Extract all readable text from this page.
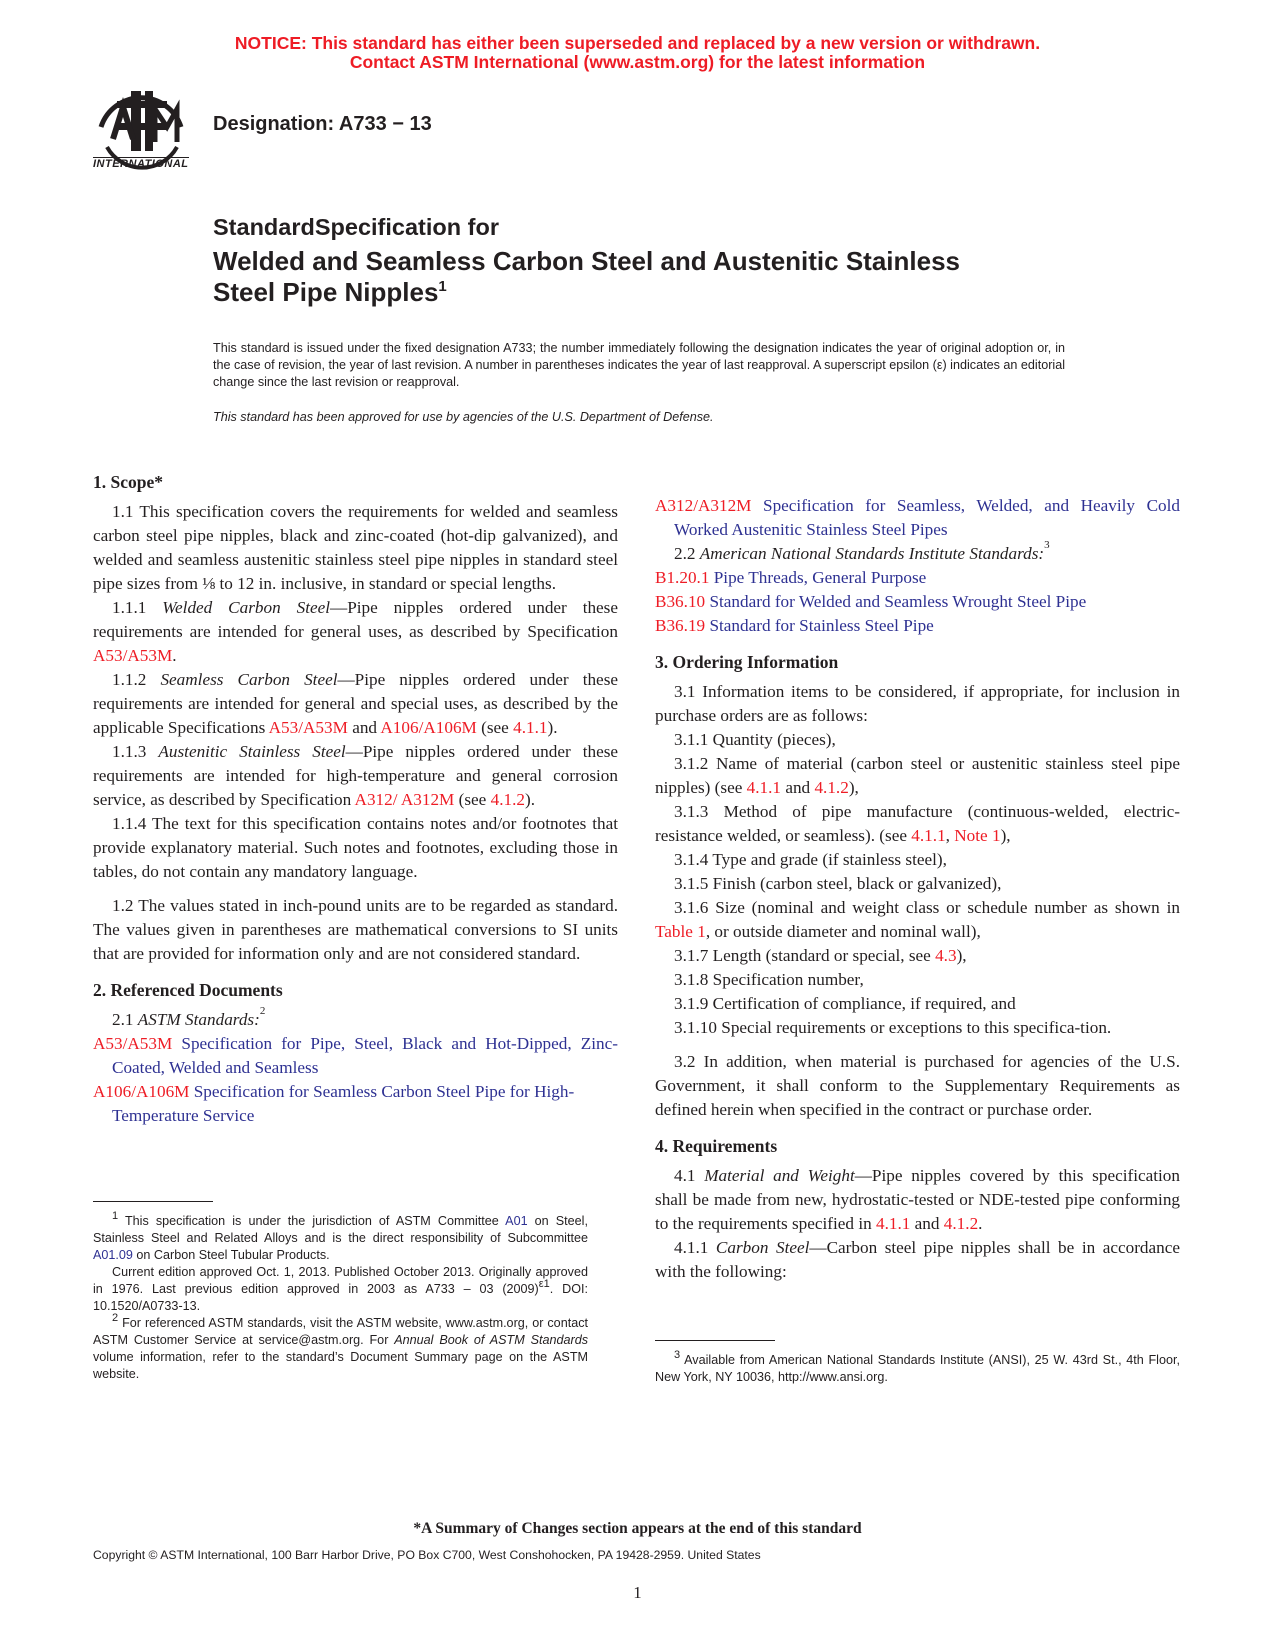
NOTICE: This standard has either been superseded and replaced by a new version or withdrawn.
Contact ASTM International (www.astm.org) for the latest information
INTERNATIONAL
Designation: A733 − 13
StandardSpecification for
Welded and Seamless Carbon Steel and Austenitic Stainless
Steel Pipe Nipples$^1$
This standard is issued under the fixed designation A733; the number immediately following the designation indicates the year of original adoption or, in the case of revision, the year of last revision. A number in parentheses indicates the year of last reapproval. A superscript epsilon (ε) indicates an editorial change since the last revision or reapproval.
This standard has been approved for use by agencies of the U.S. Department of Defense.
1. Scope*

1.1 This specification covers the requirements for welded and seamless carbon steel pipe nipples, black and zinc-coated (hot-dip galvanized), and welded and seamless austenitic stainless steel pipe nipples in standard steel pipe sizes from ⅛ to 12 in. inclusive, in standard or special lengths.

1.1.1 Welded Carbon Steel—Pipe nipples ordered under these requirements are intended for general uses, as described by Specification A53/A53M.

1.1.2 Seamless Carbon Steel—Pipe nipples ordered under these requirements are intended for general and special uses, as described by the applicable Specifications A53/A53M and A106/A106M (see 4.1.1).

1.1.3 Austenitic Stainless Steel—Pipe nipples ordered under these requirements are intended for high-temperature and general corrosion service, as described by Specification A312/ A312M (see 4.1.2).

1.1.4 The text for this specification contains notes and/or footnotes that provide explanatory material. Such notes and footnotes, excluding those in tables, do not contain any mandatory language.

1.2 The values stated in inch-pound units are to be regarded as standard. The values given in parentheses are mathematical conversions to SI units that are provided for information only and are not considered standard.

2. Referenced Documents

2.1 ASTM Standards:$^2$

A53/A53M Specification for Pipe, Steel, Black and Hot-Dipped, Zinc-Coated, Welded and Seamless

A106/A106M Specification for Seamless Carbon Steel Pipe for High-Temperature Service

$^1$ This specification is under the jurisdiction of ASTM Committee A01 on Steel, Stainless Steel and Related Alloys and is the direct responsibility of Subcommittee A01.09 on Carbon Steel Tubular Products.

Current edition approved Oct. 1, 2013. Published October 2013. Originally approved in 1976. Last previous edition approved in 2003 as A733 – 03 $(2009)^{\varepsilon 1}$. DOI: 10.1520/A0733-13.

$^2$ For referenced ASTM standards, visit the ASTM website, www.astm.org, or contact ASTM Customer Service at service@astm.org. For Annual Book of ASTM Standards volume information, refer to the standard’s Document Summary page on the ASTM website.

A312/A312M Specification for Seamless, Welded, and Heavily Cold Worked Austenitic Stainless Steel Pipes

2.2 American National Standards Institute Standards:$^3$

B1.20.1 Pipe Threads, General Purpose

B36.10 Standard for Welded and Seamless Wrought Steel Pipe

B36.19 Standard for Stainless Steel Pipe

3. Ordering Information

3.1 Information items to be considered, if appropriate, for inclusion in purchase orders are as follows:

3.1.1 Quantity (pieces),

3.1.2 Name of material (carbon steel or austenitic stainless steel pipe nipples) (see 4.1.1 and 4.1.2),

3.1.3 Method of pipe manufacture (continuous-welded, electric-resistance welded, or seamless). (see 4.1.1, Note 1),

3.1.4 Type and grade (if stainless steel),

3.1.5 Finish (carbon steel, black or galvanized),

3.1.6 Size (nominal and weight class or schedule number as shown in Table 1, or outside diameter and nominal wall),

3.1.7 Length (standard or special, see 4.3),

3.1.8 Specification number,

3.1.9 Certification of compliance, if required, and

3.1.10 Special requirements or exceptions to this specifica-tion.

3.2 In addition, when material is purchased for agencies of the U.S. Government, it shall conform to the Supplementary Requirements as defined herein when specified in the contract or purchase order.

4. Requirements

4.1 Material and Weight—Pipe nipples covered by this specification shall be made from new, hydrostatic-tested or NDE-tested pipe conforming to the requirements specified in 4.1.1 and 4.1.2.

4.1.1 Carbon Steel—Carbon steel pipe nipples shall be in accordance with the following:

$^3$ Available from American National Standards Institute (ANSI), 25 W. 43rd St., 4th Floor, New York, NY 10036, http://www.ansi.org.

*A Summary of Changes section appears at the end of this standard
Copyright © ASTM International, 100 Barr Harbor Drive, PO Box C700, West Conshohocken, PA 19428-2959. United States
1
